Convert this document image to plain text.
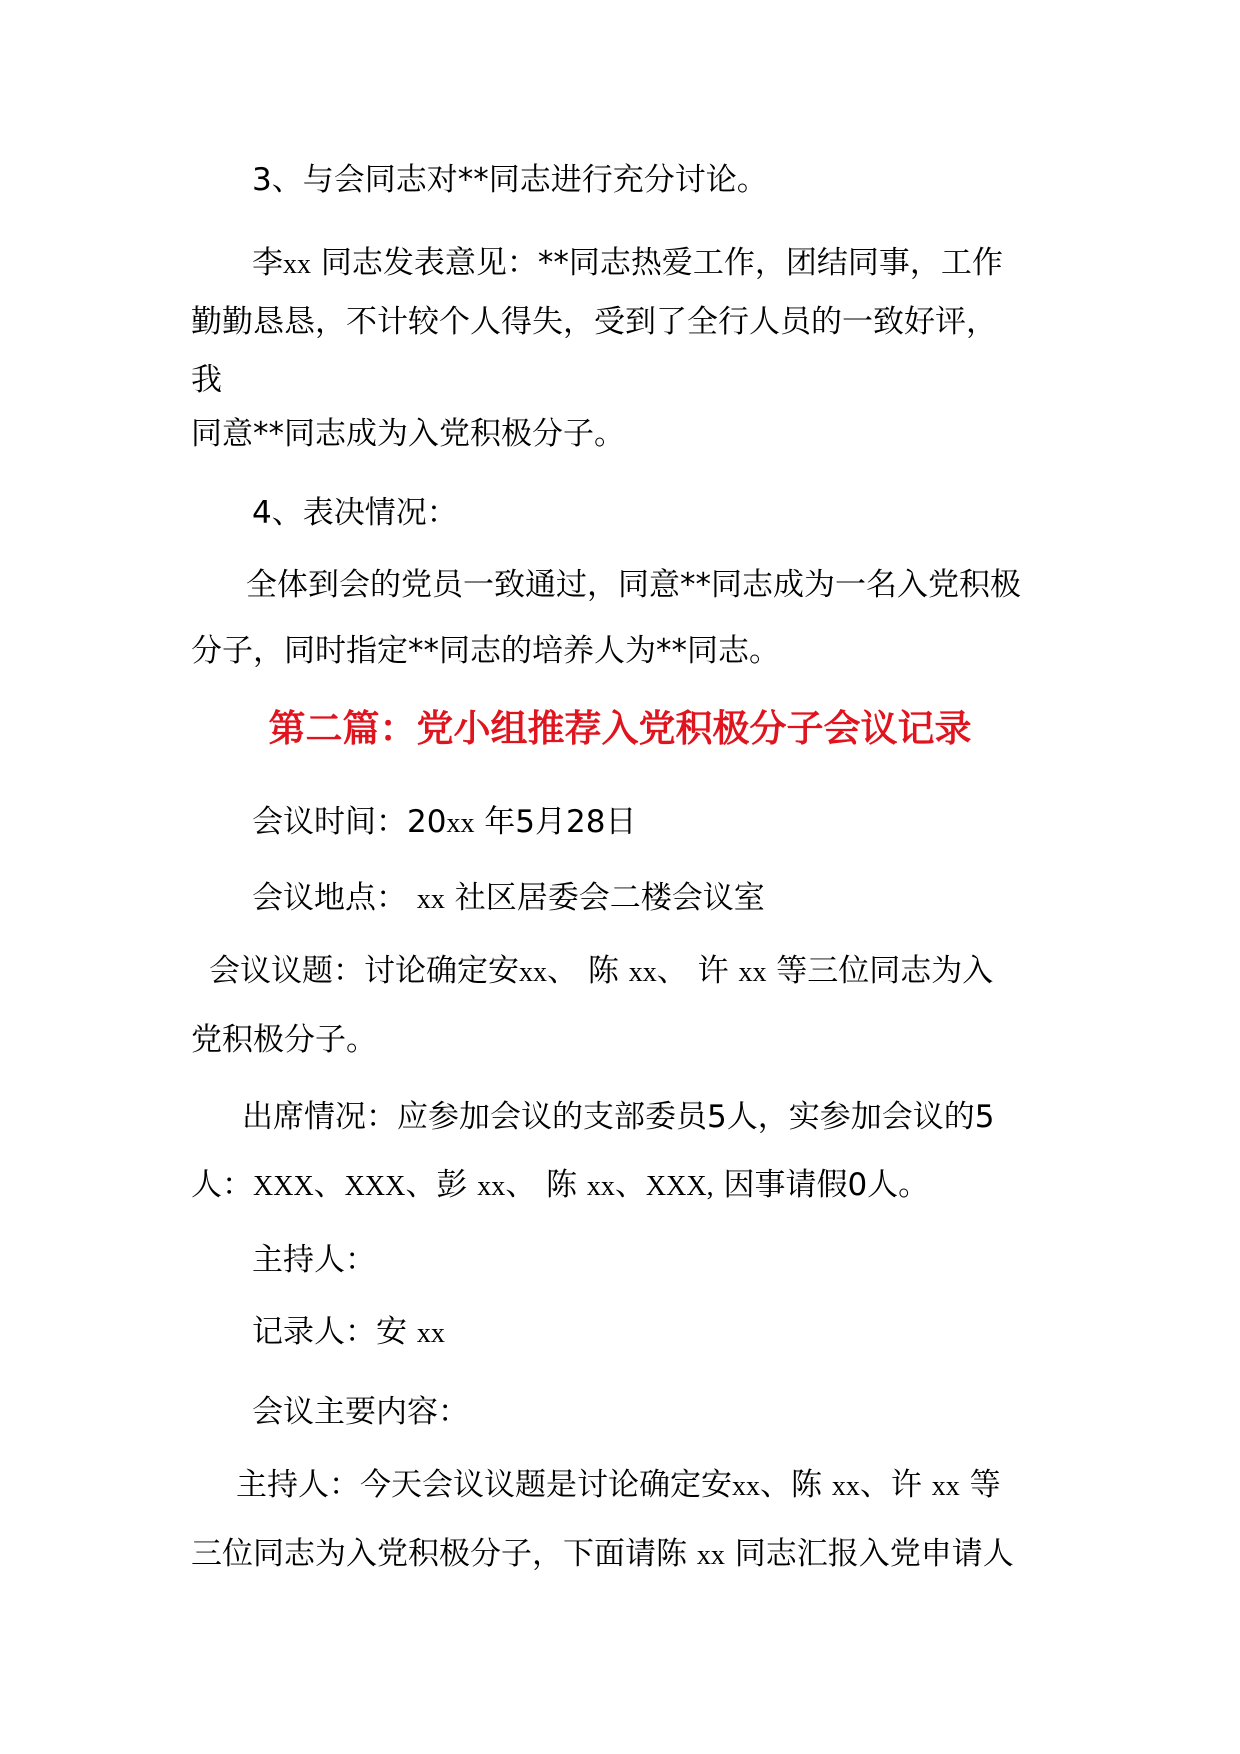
3、与会同志对**同志进行充分讨论。
李xx 同志发表意见：**同志热爱工作，团结同事，工作
勤勤恳恳，不计较个人得失，受到了全行人员的一致好评，
我
同意**同志成为入党积极分子。
4、表决情况：
全体到会的党员一致通过，同意**同志成为一名入党积极
分子，同时指定**同志的培养人为**同志。
第二篇：党小组推荐入党积极分子会议记录
会议时间：20xx 年5月28日
会议地点： xx 社区居委会二楼会议室
会议议题：讨论确定安xx、 陈 xx、 许 xx 等三位同志为入
党积极分子。
出席情况：应参加会议的支部委员5人，实参加会议的5
人：XXX、XXX、彭 xx、 陈 xx、XXX, 因事请假0人。
主持人：
记录人：安 xx
会议主要内容：
主持人：今天会议议题是讨论确定安xx、陈 xx、许 xx 等
三位同志为入党积极分子，下面请陈 xx 同志汇报入党申请人
